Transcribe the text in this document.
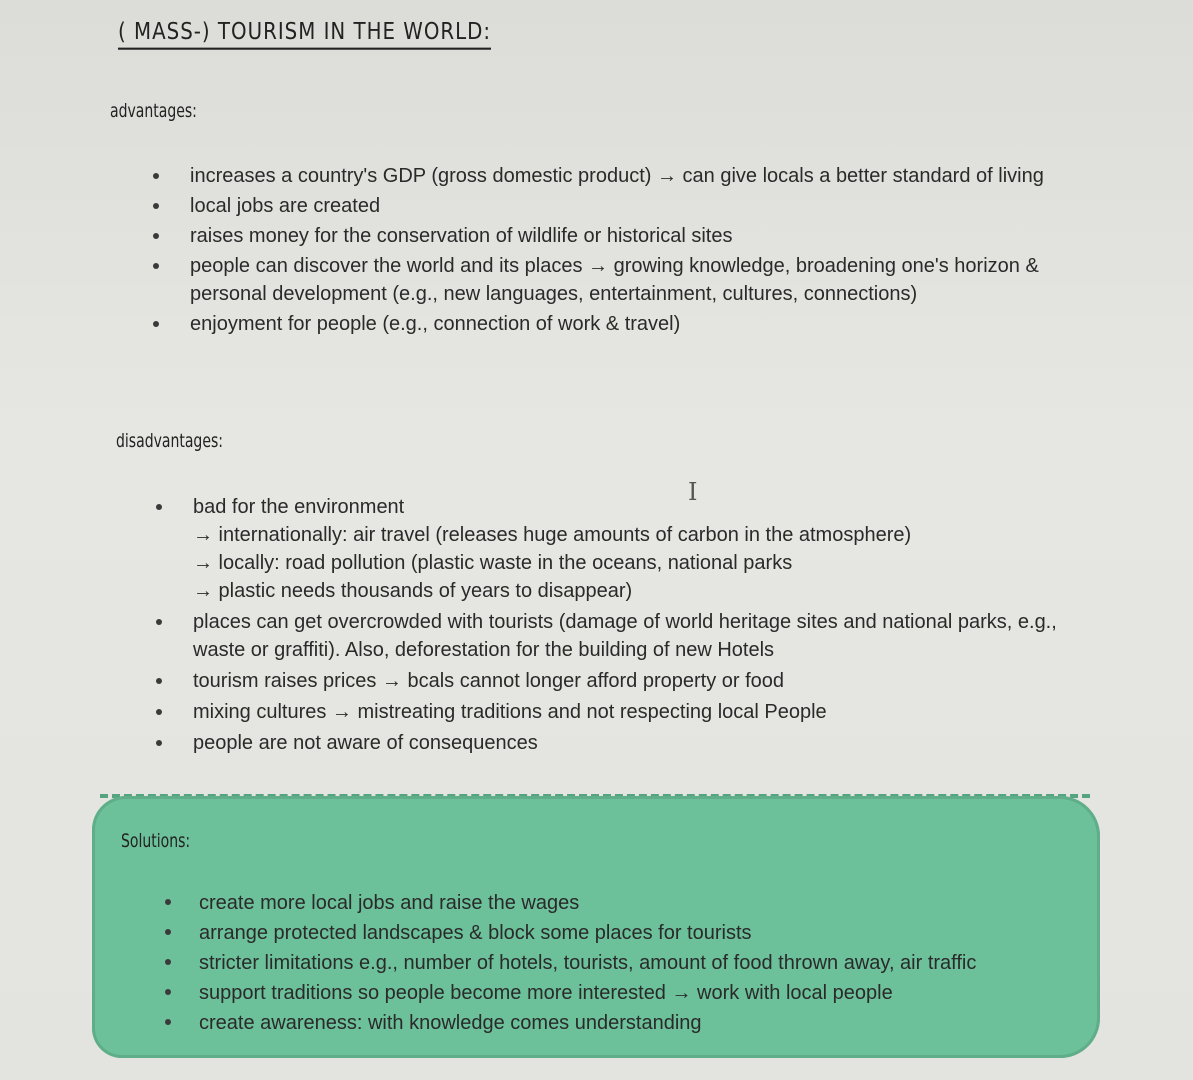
( MASS-) TOURISM IN THE WORLD:
advantages:
increases a country's GDP (gross domestic product) → can give locals a better standard of living
local jobs are created
raises money for the conservation of wildlife or historical sites
people can discover the world and its places → growing knowledge, broadening one's horizon & personal development (e.g., new languages, entertainment, cultures, connections)
enjoyment for people (e.g., connection of work & travel)
disadvantages:
I
bad for the environment
→ internationally: air travel (releases huge amounts of carbon in the atmosphere)
→ locally: road pollution (plastic waste in the oceans, national parks
→ plastic needs thousands of years to disappear)
places can get overcrowded with tourists (damage of world heritage sites and national parks, e.g., waste or graffiti). Also, deforestation for the building of new Hotels
tourism raises prices → bcals cannot longer afford property or food
mixing cultures → mistreating traditions and not respecting local People
people are not aware of consequences
Solutions:
create more local jobs and raise the wages
arrange protected landscapes & block some places for tourists
stricter limitations e.g., number of hotels, tourists, amount of food thrown away, air traffic
support traditions so people become more interested → work with local people
create awareness: with knowledge comes understanding
